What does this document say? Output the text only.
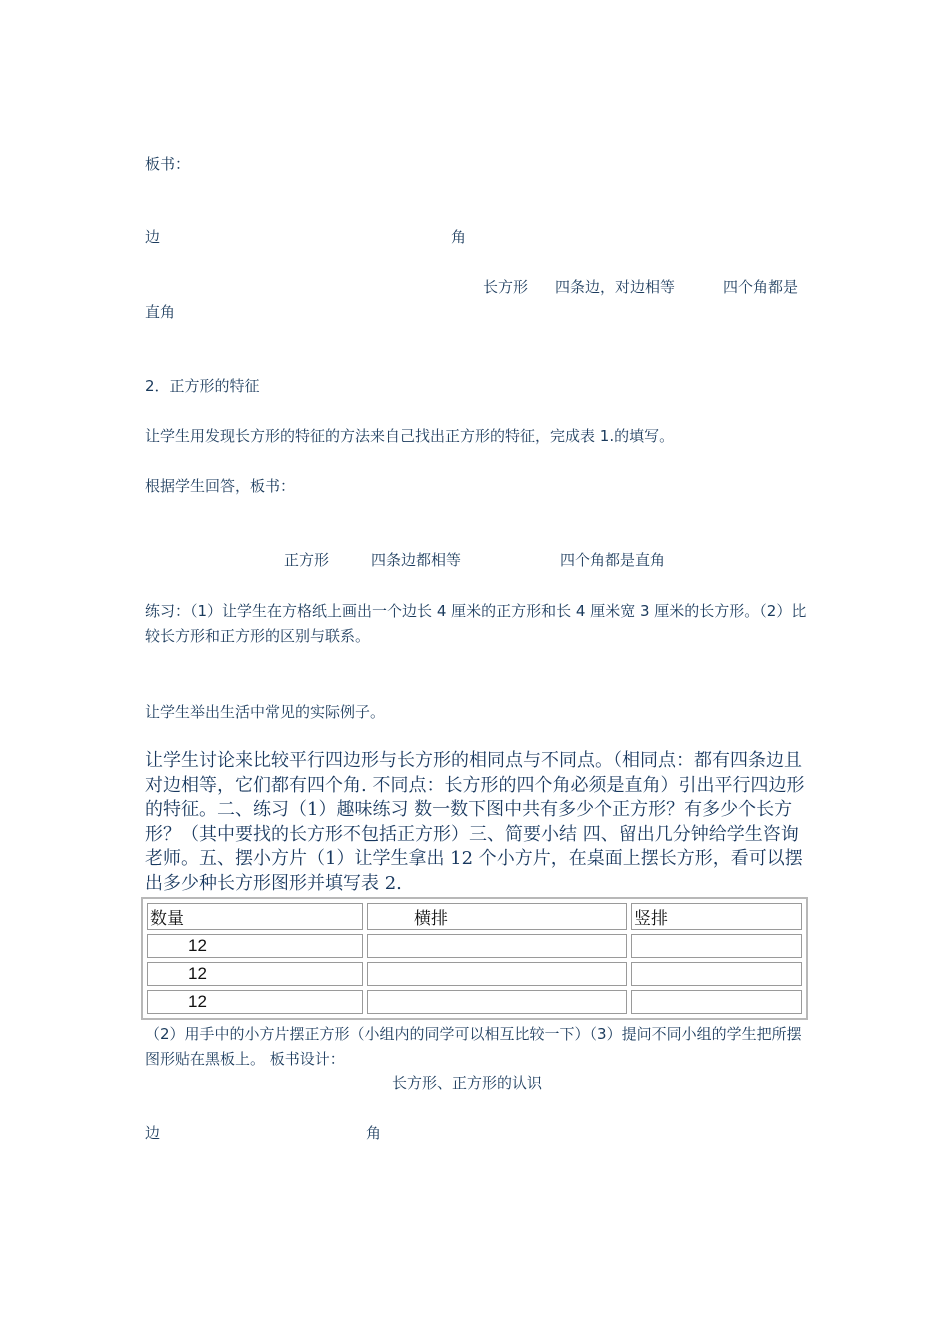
板书：
边	角
长方形 四条边，对边相等	四个角都是
直角
2．正方形的特征
让学生用发现长方形的特征的方法来自己找出正方形的特征，完成表 1.的填写。
根据学生回答，板书：
正方形	四条边都相等	四个角都是直角
练习：（1）让学生在方格纸上画出一个边长 4 厘米的正方形和长 4 厘米宽 3 厘米的长方形。（2）比较长方形和正方形的区别与联系。
让学生举出生活中常见的实际例子。
让学生讨论来比较平行四边形与长方形的相同点与不同点。（相同点：都有四条边且对边相等，它们都有四个角. 不同点：长方形的四个角必须是直角）引出平行四边形的特征。二、练习（1）趣味练习 数一数下图中共有多少个正方形？有多少个长方形？（其中要找的长方形不包括正方形）三、简要小结 四、留出几分钟给学生咨询老师。五、摆小方片（1）让学生拿出 12 个小方片，在桌面上摆长方形，看可以摆出多少种长方形图形并填写表 2.
数量	横排	竖排
12		
12		
12		
（2）用手中的小方片摆正方形（小组内的同学可以相互比较一下）（3）提问不同小组的学生把所摆图形贴在黑板上。 板书设计：
长方形、正方形的认识
边	角
